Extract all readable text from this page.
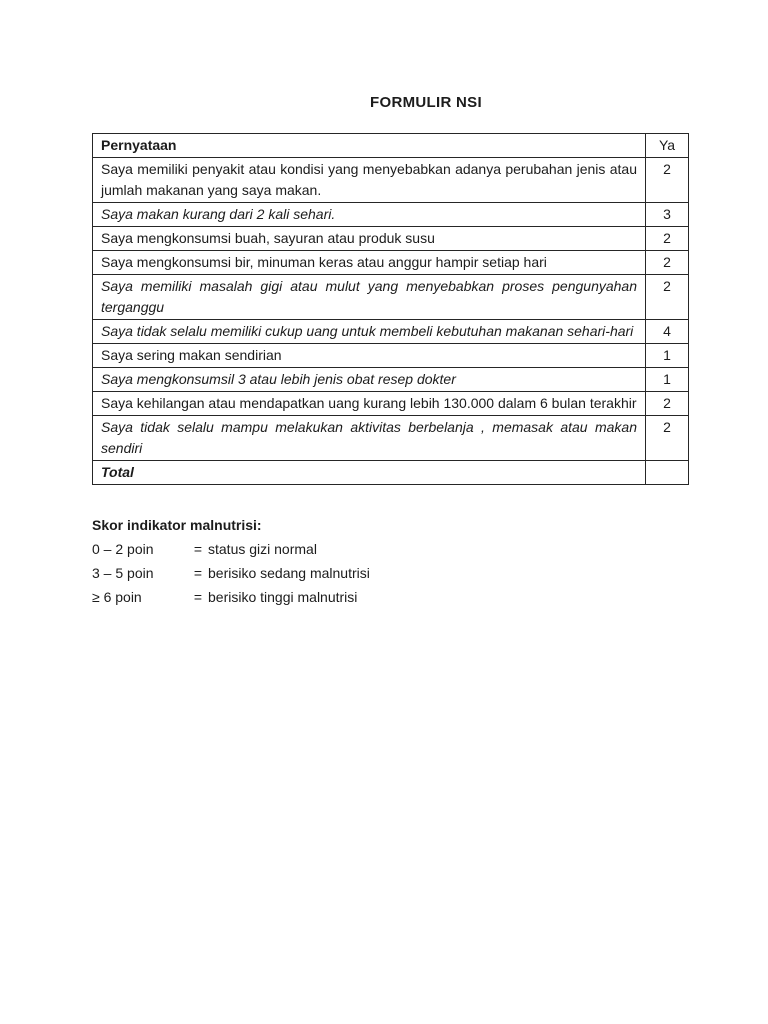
FORMULIR NSI
Pernyataan	Ya
Saya memiliki penyakit atau kondisi yang menyebabkan adanya perubahan jenis atau jumlah makanan yang saya makan.	2
Saya makan kurang dari 2 kali sehari.	3
Saya mengkonsumsi buah, sayuran atau produk susu	2
Saya mengkonsumsi bir, minuman keras atau anggur hampir setiap hari	2
Saya memiliki masalah gigi atau mulut yang menyebabkan proses pengunyahan terganggu	2
Saya tidak selalu memiliki cukup uang untuk membeli kebutuhan makanan sehari-hari	4
Saya sering makan sendirian	1
Saya mengkonsumsil 3 atau lebih jenis obat resep dokter	1
Saya kehilangan atau mendapatkan uang kurang lebih 130.000 dalam 6 bulan terakhir	2
Saya tidak selalu mampu melakukan aktivitas berbelanja , memasak atau makan sendiri	2
Total	
Skor indikator malnutrisi:
0 – 2 poin	= status gizi normal
3 – 5 poin	= berisiko sedang malnutrisi
≥ 6 poin	= berisiko tinggi malnutrisi
